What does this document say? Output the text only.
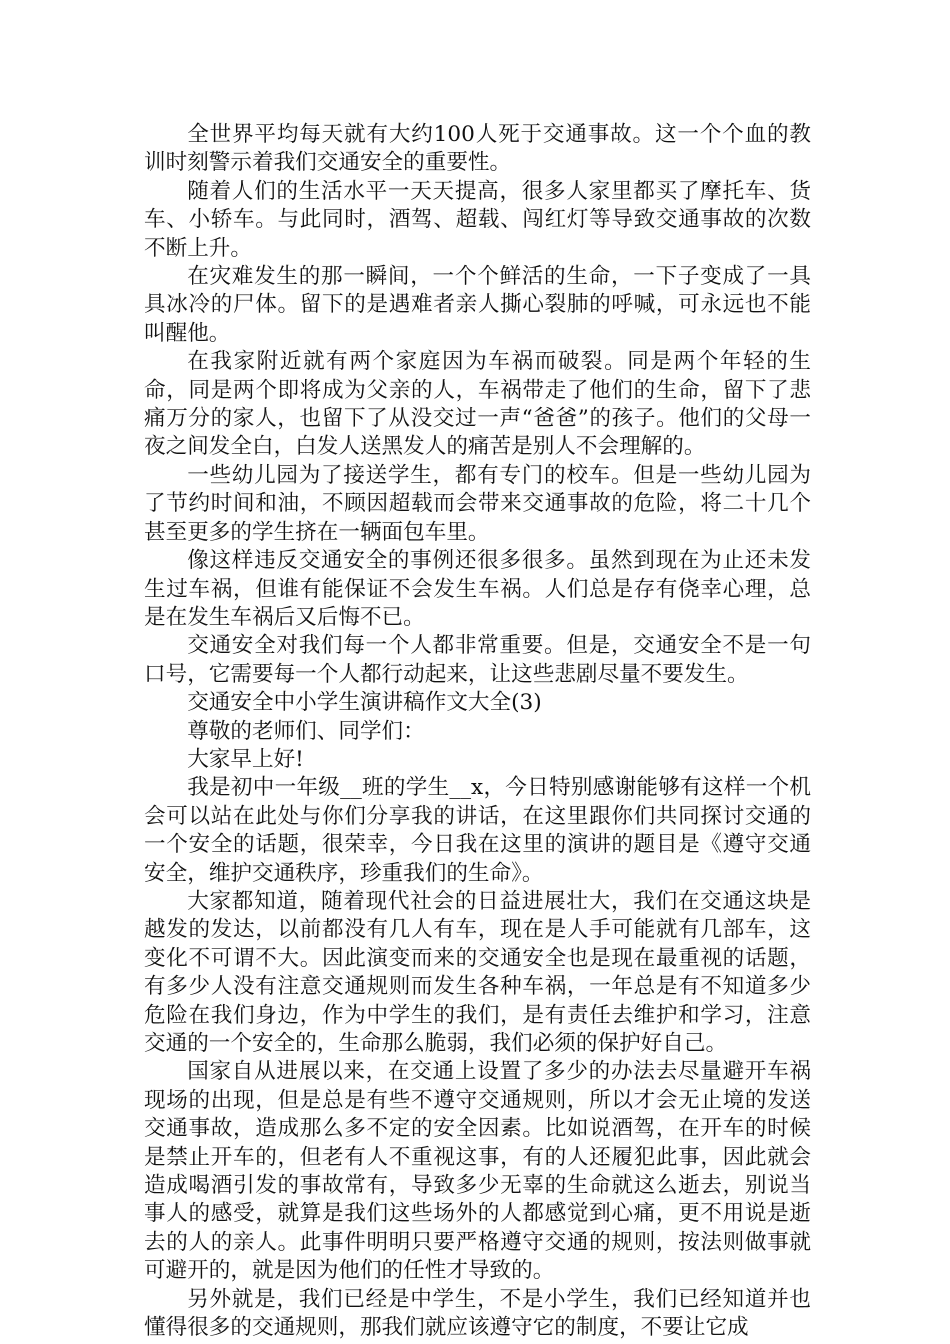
全世界平均每天就有大约100人死于交通事故。这一个个血的教训时刻警示着我们交通安全的重要性。

随着人们的生活水平一天天提高，很多人家里都买了摩托车、货车、小轿车。与此同时，酒驾、超载、闯红灯等导致交通事故的次数不断上升。

在灾难发生的那一瞬间，一个个鲜活的生命，一下子变成了一具具冰冷的尸体。留下的是遇难者亲人撕心裂肺的呼喊，可永远也不能叫醒他。

在我家附近就有两个家庭因为车祸而破裂。同是两个年轻的生命，同是两个即将成为父亲的人，车祸带走了他们的生命，留下了悲痛万分的家人，也留下了从没交过一声“爸爸”的孩子。他们的父母一夜之间发全白，白发人送黑发人的痛苦是别人不会理解的。

一些幼儿园为了接送学生，都有专门的校车。但是一些幼儿园为了节约时间和油，不顾因超载而会带来交通事故的危险，将二十几个甚至更多的学生挤在一辆面包车里。

像这样违反交通安全的事例还很多很多。虽然到现在为止还未发生过车祸，但谁有能保证不会发生车祸。人们总是存有侥幸心理，总是在发生车祸后又后悔不已。

交通安全对我们每一个人都非常重要。但是，交通安全不是一句口号，它需要每一个人都行动起来，让这些悲剧尽量不要发生。

交通安全中小学生演讲稿作文大全(3)

尊敬的老师们、同学们：

大家早上好!

我是初中一年级__班的学生__x，今日特别感谢能够有这样一个机会可以站在此处与你们分享我的讲话，在这里跟你们共同探讨交通的一个安全的话题，很荣幸，今日我在这里的演讲的题目是《遵守交通安全，维护交通秩序，珍重我们的生命》。

大家都知道，随着现代社会的日益进展壮大，我们在交通这块是越发的发达，以前都没有几人有车，现在是人手可能就有几部车，这变化不可谓不大。因此演变而来的交通安全也是现在最重视的话题，有多少人没有注意交通规则而发生各种车祸，一年总是有不知道多少危险在我们身边，作为中学生的我们，是有责任去维护和学习，注意交通的一个安全的，生命那么脆弱，我们必须的保护好自己。

国家自从进展以来，在交通上设置了多少的办法去尽量避开车祸现场的出现，但是总是有些不遵守交通规则，所以才会无止境的发送交通事故，造成那么多不定的安全因素。比如说酒驾，在开车的时候是禁止开车的，但老有人不重视这事，有的人还履犯此事，因此就会造成喝酒引发的事故常有，导致多少无辜的生命就这么逝去，别说当事人的感受，就算是我们这些场外的人都感觉到心痛，更不用说是逝去的人的亲人。此事件明明只要严格遵守交通的规则，按法则做事就可避开的，就是因为他们的任性才导致的。

另外就是，我们已经是中学生，不是小学生，我们已经知道并也懂得很多的交通规则，那我们就应该遵守它的制度，不要让它成
